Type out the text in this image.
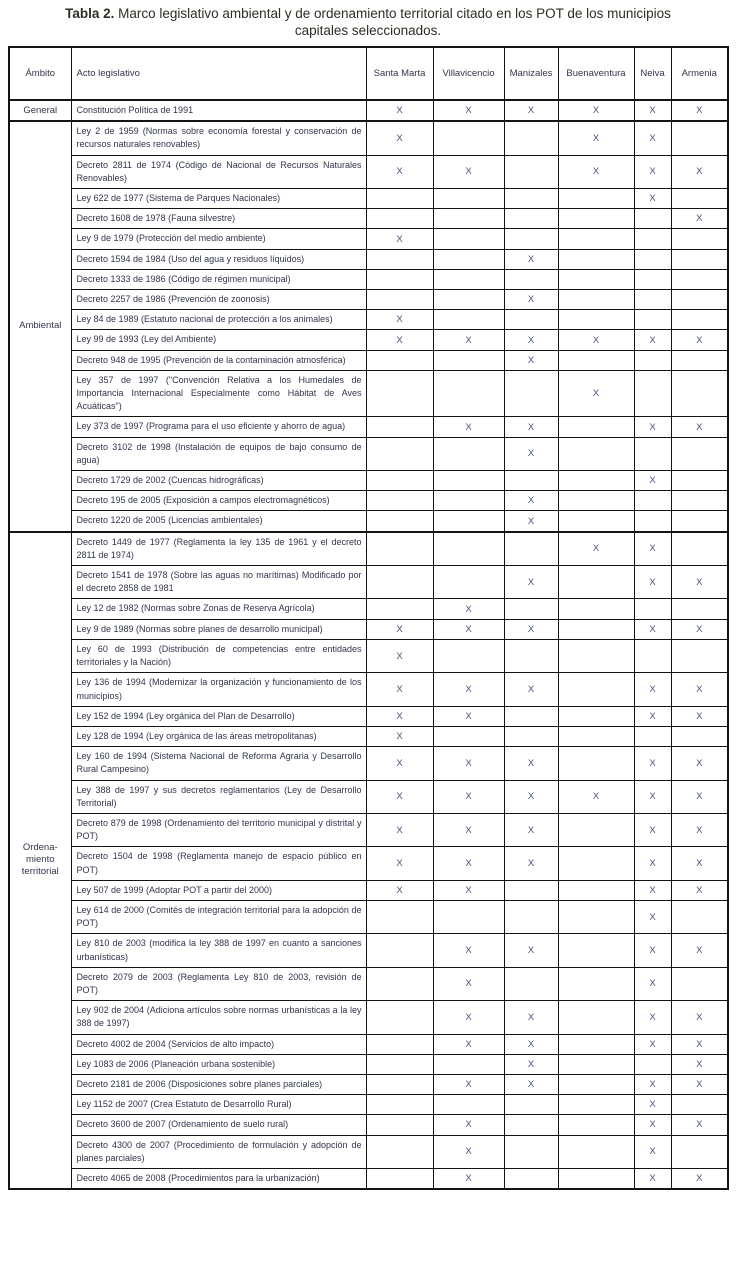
Tabla 2. Marco legislativo ambiental y de ordenamiento territorial citado en los POT de los municipios capitales seleccionados.
Ámbito	Acto legislativo	Santa Marta	Villavicencio	Manizales	Buenaventura	Neiva	Armenia

General	Constitución Política de 1991	X	X	X	X	X	X

Ambiental	Ley 2 de 1959 (Normas sobre economía forestal y conservación de recursos naturales renovables)	X			X	X	
	Decreto 2811 de 1974 (Código de Nacional de Recursos Naturales Renovables)	X	X		X	X	X
	Ley 622 de 1977 (Sistema de Parques Nacionales)					X	
	Decreto 1608 de 1978 (Fauna silvestre)						X
	Ley 9 de 1979 (Protección del medio ambiente)	X					
	Decreto 1594 de 1984 (Uso del agua y residuos líquidos)			X			
	Decreto 1333 de 1986 (Código de régimen municipal)						
	Decreto 2257 de 1986 (Prevención de zoonosis)			X			
	Ley 84 de 1989 (Estatuto nacional de protección a los animales)	X					
	Ley 99 de 1993 (Ley del Ambiente)	X	X	X	X	X	X
	Decreto 948 de 1995 (Prevención de la contaminación atmosférica)			X			
	Ley 357 de 1997 ("Convención Relativa a los Humedales de Importancia Internacional Especialmente como Hábitat de Aves Acuáticas")				X		
	Ley 373 de 1997 (Programa para el uso eficiente y ahorro de agua)		X	X		X	X
	Decreto 3102 de 1998 (Instalación de equipos de bajo consumo de agua)			X			
	Decreto 1729 de 2002 (Cuencas hidrográficas)					X	
	Decreto 195 de 2005 (Exposición a campos electromagnéticos)			X			
	Decreto 1220 de 2005 (Licencias ambientales)			X			

Ordena-
miento
territorial	Decreto 1449 de 1977 (Reglamenta la ley 135 de 1961 y el decreto 2811 de 1974)				X	X	
	Decreto 1541 de 1978 (Sobre las aguas no marítimas) Modificado por el decreto 2858 de 1981			X		X	X
	Ley 12 de 1982 (Normas sobre Zonas de Reserva Agrícola)		X				
	Ley 9 de 1989 (Normas sobre planes de desarrollo municipal)	X	X	X		X	X
	Ley 60 de 1993 (Distribución de competencias entre entidades territoriales y la Nación)	X					
	Ley 136 de 1994 (Modernizar la organización y funcionamiento de los municipios)	X	X	X		X	X
	Ley 152 de 1994 (Ley orgánica del Plan de Desarrollo)	X	X			X	X
	Ley 128 de 1994 (Ley orgánica de las áreas metropolitanas)	X					
	Ley 160 de 1994 (Sistema Nacional de Reforma Agraria y Desarrollo Rural Campesino)	X	X	X		X	X
	Ley 388 de 1997 y sus decretos reglamentarios (Ley de Desarrollo Territorial)	X	X	X	X	X	X
	Decreto 879 de 1998 (Ordenamiento del territorio municipal y distrital y POT)	X	X	X		X	X
	Decreto 1504 de 1998 (Reglamenta manejo de espacio público en POT)	X	X	X		X	X
	Ley 507 de 1999 (Adoptar POT a partir del 2000)	X	X			X	X
	Ley 614 de 2000 (Comités de integración territorial para la adopción de POT)					X	
	Ley 810 de 2003 (modifica la ley 388 de 1997 en cuanto a sanciones urbanísticas)		X	X		X	X
	Decreto 2079 de 2003 (Reglamenta Ley 810 de 2003, revisión de POT)		X			X	
	Ley 902 de 2004 (Adiciona artículos sobre normas urbanísticas a la ley 388 de 1997)		X	X		X	X
	Decreto 4002 de 2004 (Servicios de alto impacto)		X	X		X	X
	Ley 1083 de 2006 (Planeación urbana sostenible)			X			X
	Decreto 2181 de 2006 (Disposiciones sobre planes parciales)		X	X		X	X
	Ley 1152 de 2007 (Crea Estatuto de Desarrollo Rural)					X	
	Decreto 3600 de 2007 (Ordenamiento de suelo rural)		X			X	X
	Decreto 4300 de 2007 (Procedimiento de formulación y adopción de planes parciales)		X			X	
	Decreto 4065 de 2008 (Procedimientos para la urbanización)		X			X	X
